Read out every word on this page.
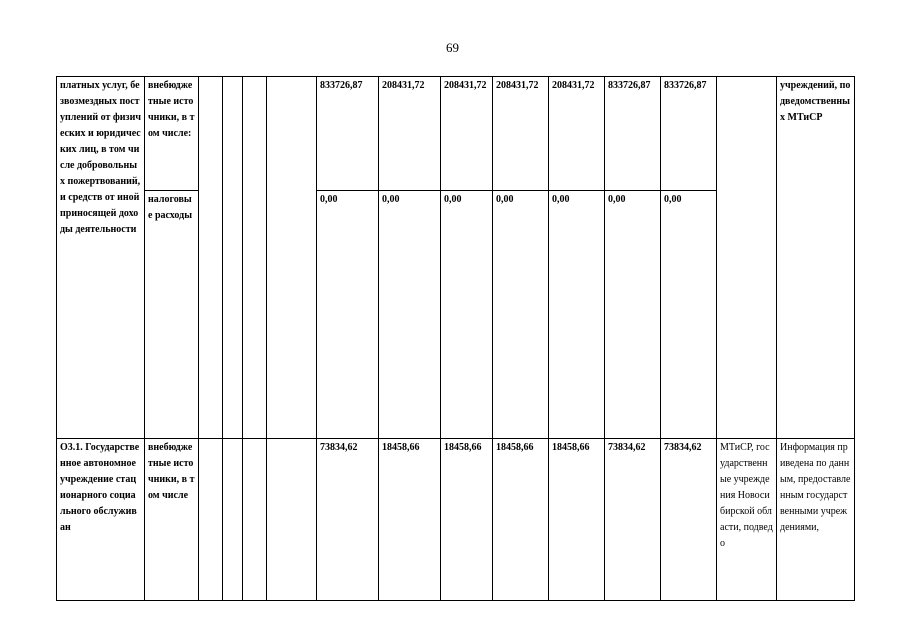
69
платных услуг, безвозмездных поступлений от физических и юридических лиц, в том числе добровольных пожертвований, и средств от иной приносящей доходы деятельности	внебюджетные источники, в том числе:					833726,87	208431,72	208431,72	208431,72	208431,72	833726,87	833726,87		учреждений, подведомственных МТиСР

	налоговые расходы					0,00	0,00	0,00	0,00	0,00	0,00	0,00		

О3.1. Государственное автономное учреждение стационарного социального обслуживан	внебюджетные источники, в том числе					73834,62	18458,66	18458,66	18458,66	18458,66	73834,62	73834,62	МТиСР, государственные учреждения Новосибирской области, подведо	Информация приведена по данным, предоставленным государственными учреждениями,
